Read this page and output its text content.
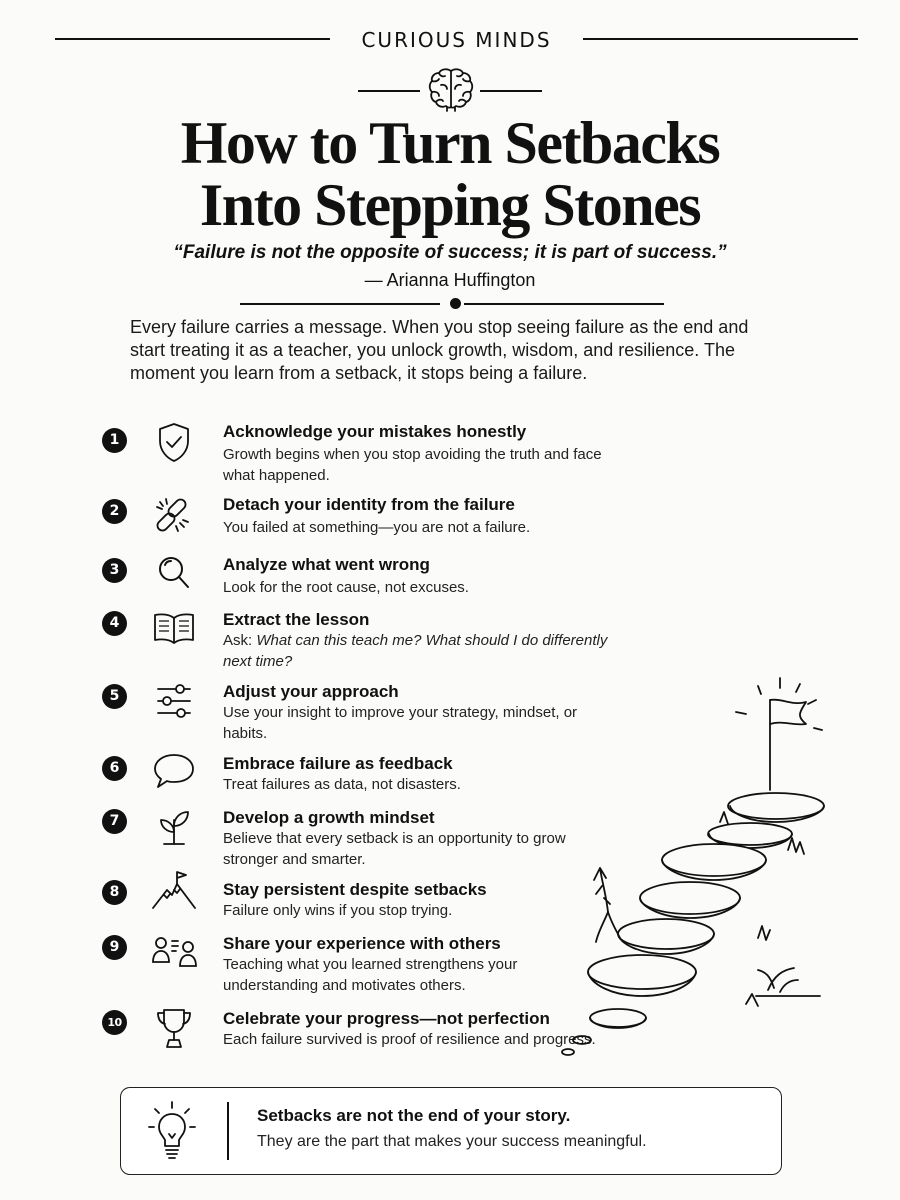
CURIOUS MINDS
How to Turn Setbacks
Into Stepping Stones
“Failure is not the opposite of success; it is part of success.”
— Arianna Huffington

Every failure carries a message. When you stop seeing failure as the end and start treating it as a teacher, you unlock growth, wisdom, and resilience. The moment you learn from a setback, it stops being a failure.

1	Acknowledge your mistakes honestly
Growth begins when you stop avoiding the truth and face what happened.
2	Detach your identity from the failure
You failed at something—you are not a failure.
3	Analyze what went wrong
Look for the root cause, not excuses.
4	Extract the lesson
Ask: What can this teach me? What should I do differently next time?
5	Adjust your approach
Use your insight to improve your strategy, mindset, or habits.
6	Embrace failure as feedback
Treat failures as data, not disasters.
7	Develop a growth mindset
Believe that every setback is an opportunity to grow stronger and smarter.
8	Stay persistent despite setbacks
Failure only wins if you stop trying.
9	Share your experience with others
Teaching what you learned strengthens your understanding and motivates others.
10	Celebrate your progress—not perfection
Each failure survived is proof of resilience and progress.
Setbacks are not the end of your story.
They are the part that makes your success meaningful.
